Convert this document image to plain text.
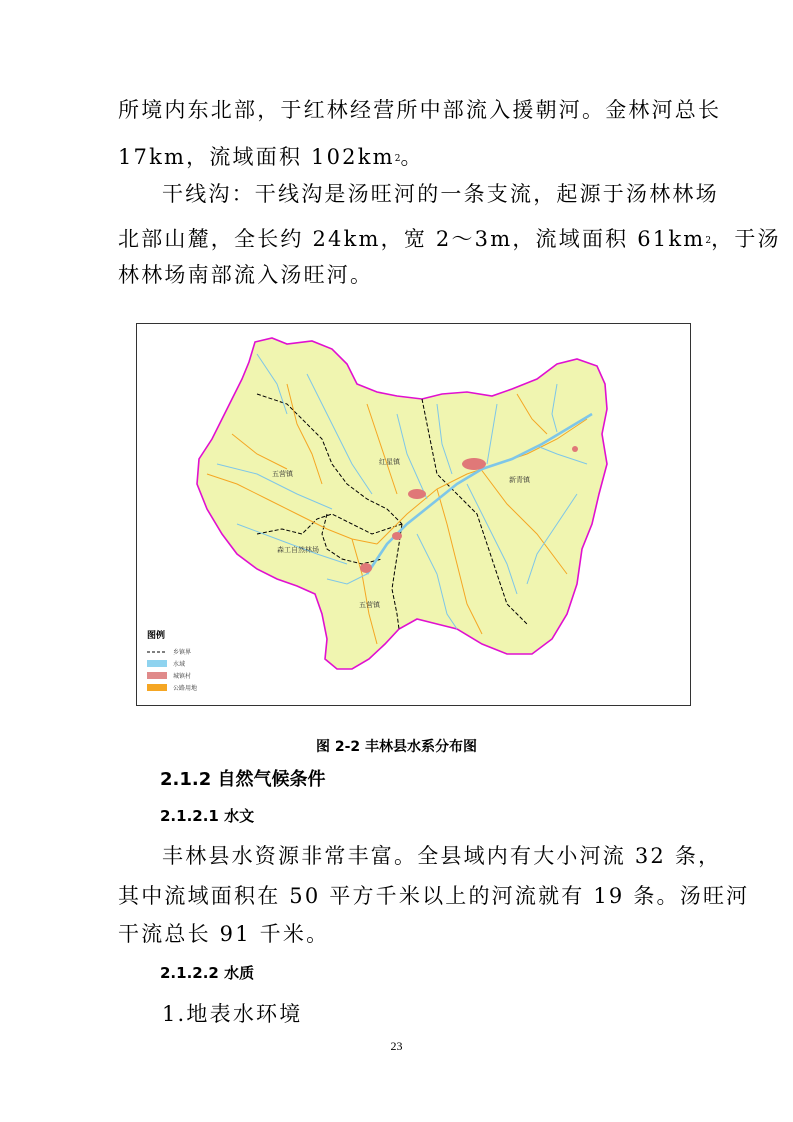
所境内东北部，于红林经营所中部流入援朝河。金林河总长

17km，流域面积 $102km^2$。

干线沟：干线沟是汤旺河的一条支流，起源于汤林林场

北部山麓，全长约 24km，宽 2～3m，流域面积 $61km^2$，于汤

林林场南部流入汤旺河。

五营镇
红星镇
新青镇
森工自然林场
五营镇
图例
乡镇界
水域
城镇村
公路用地
图 2-2 丰林县水系分布图

2.1.2 自然气候条件

2.1.2.1 水文

丰林县水资源非常丰富。全县域内有大小河流 32 条，

其中流域面积在 50 平方千米以上的河流就有 19 条。汤旺河

干流总长 91 千米。

2.1.2.2 水质

1.地表水环境

23
